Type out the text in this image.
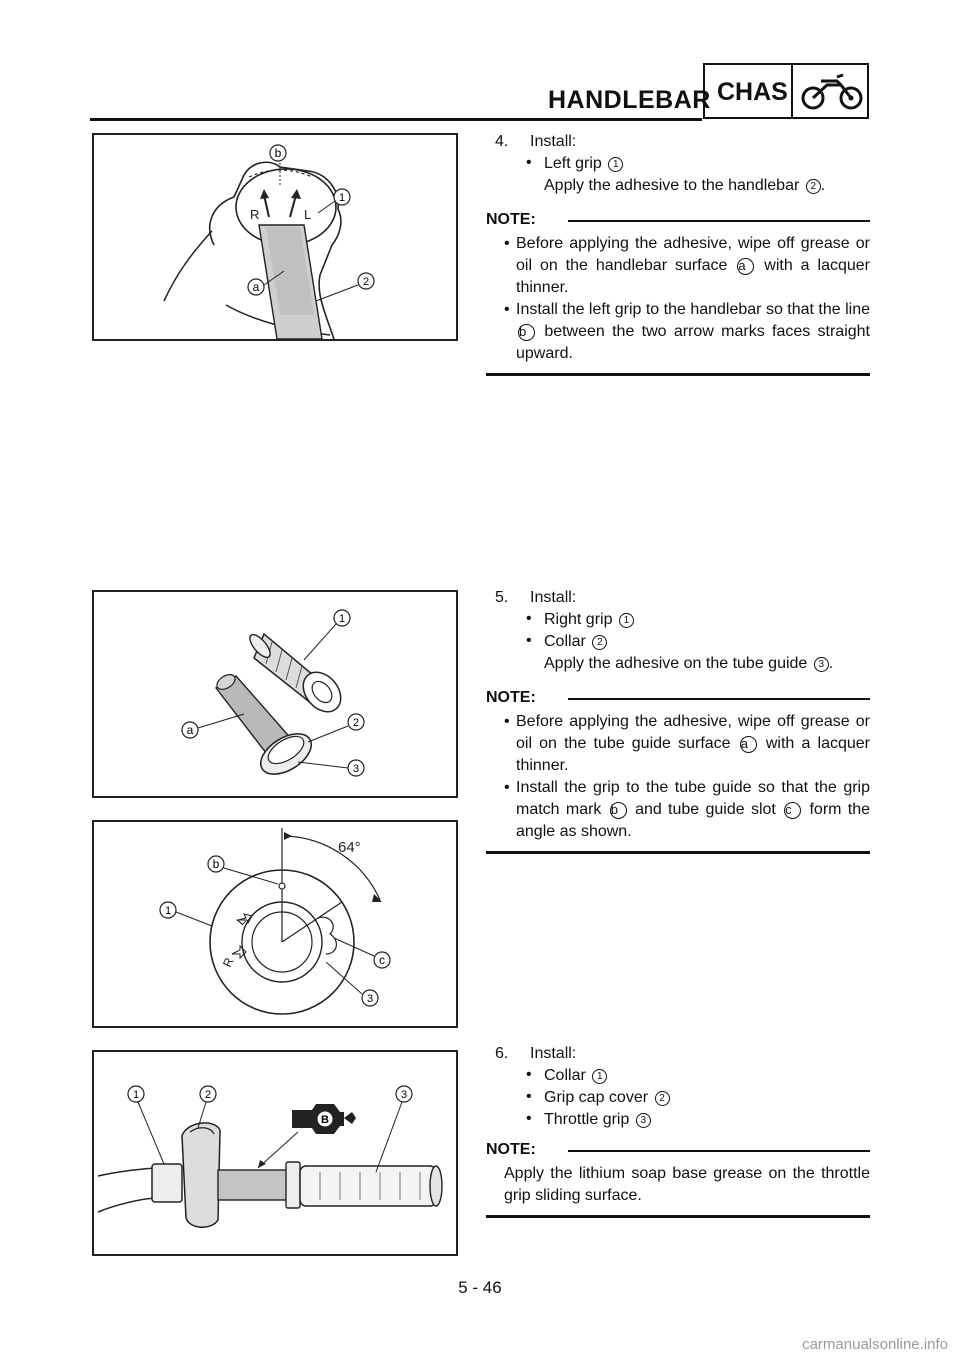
HANDLEBAR CHAS
R	L
b
1
a	2
4. Install:
• Left grip 1
Apply the adhesive to the handlebar 2 .
NOTE:
• Before applying the adhesive, wipe off grease or oil on the handlebar surface a with a lacquer thinner.
• Install the left grip to the handlebar so that the line b between the two arrow marks faces straight upward.
1
a	2
3
64°
R
L
b
1
c
3
5. Install:
• Right grip 1
• Collar 2
Apply the adhesive on the tube guide 3 .
NOTE:
• Before applying the adhesive, wipe off grease or oil on the tube guide surface a with a lacquer thinner.
• Install the grip to the tube guide so that the grip match mark b and tube guide slot c form the angle as shown.
B
1	2	3
6. Install:
• Collar 1
• Grip cap cover 2
• Throttle grip 3
NOTE:
Apply the lithium soap base grease on the throttle grip sliding surface.
5 - 46
carmanualsonline.info
